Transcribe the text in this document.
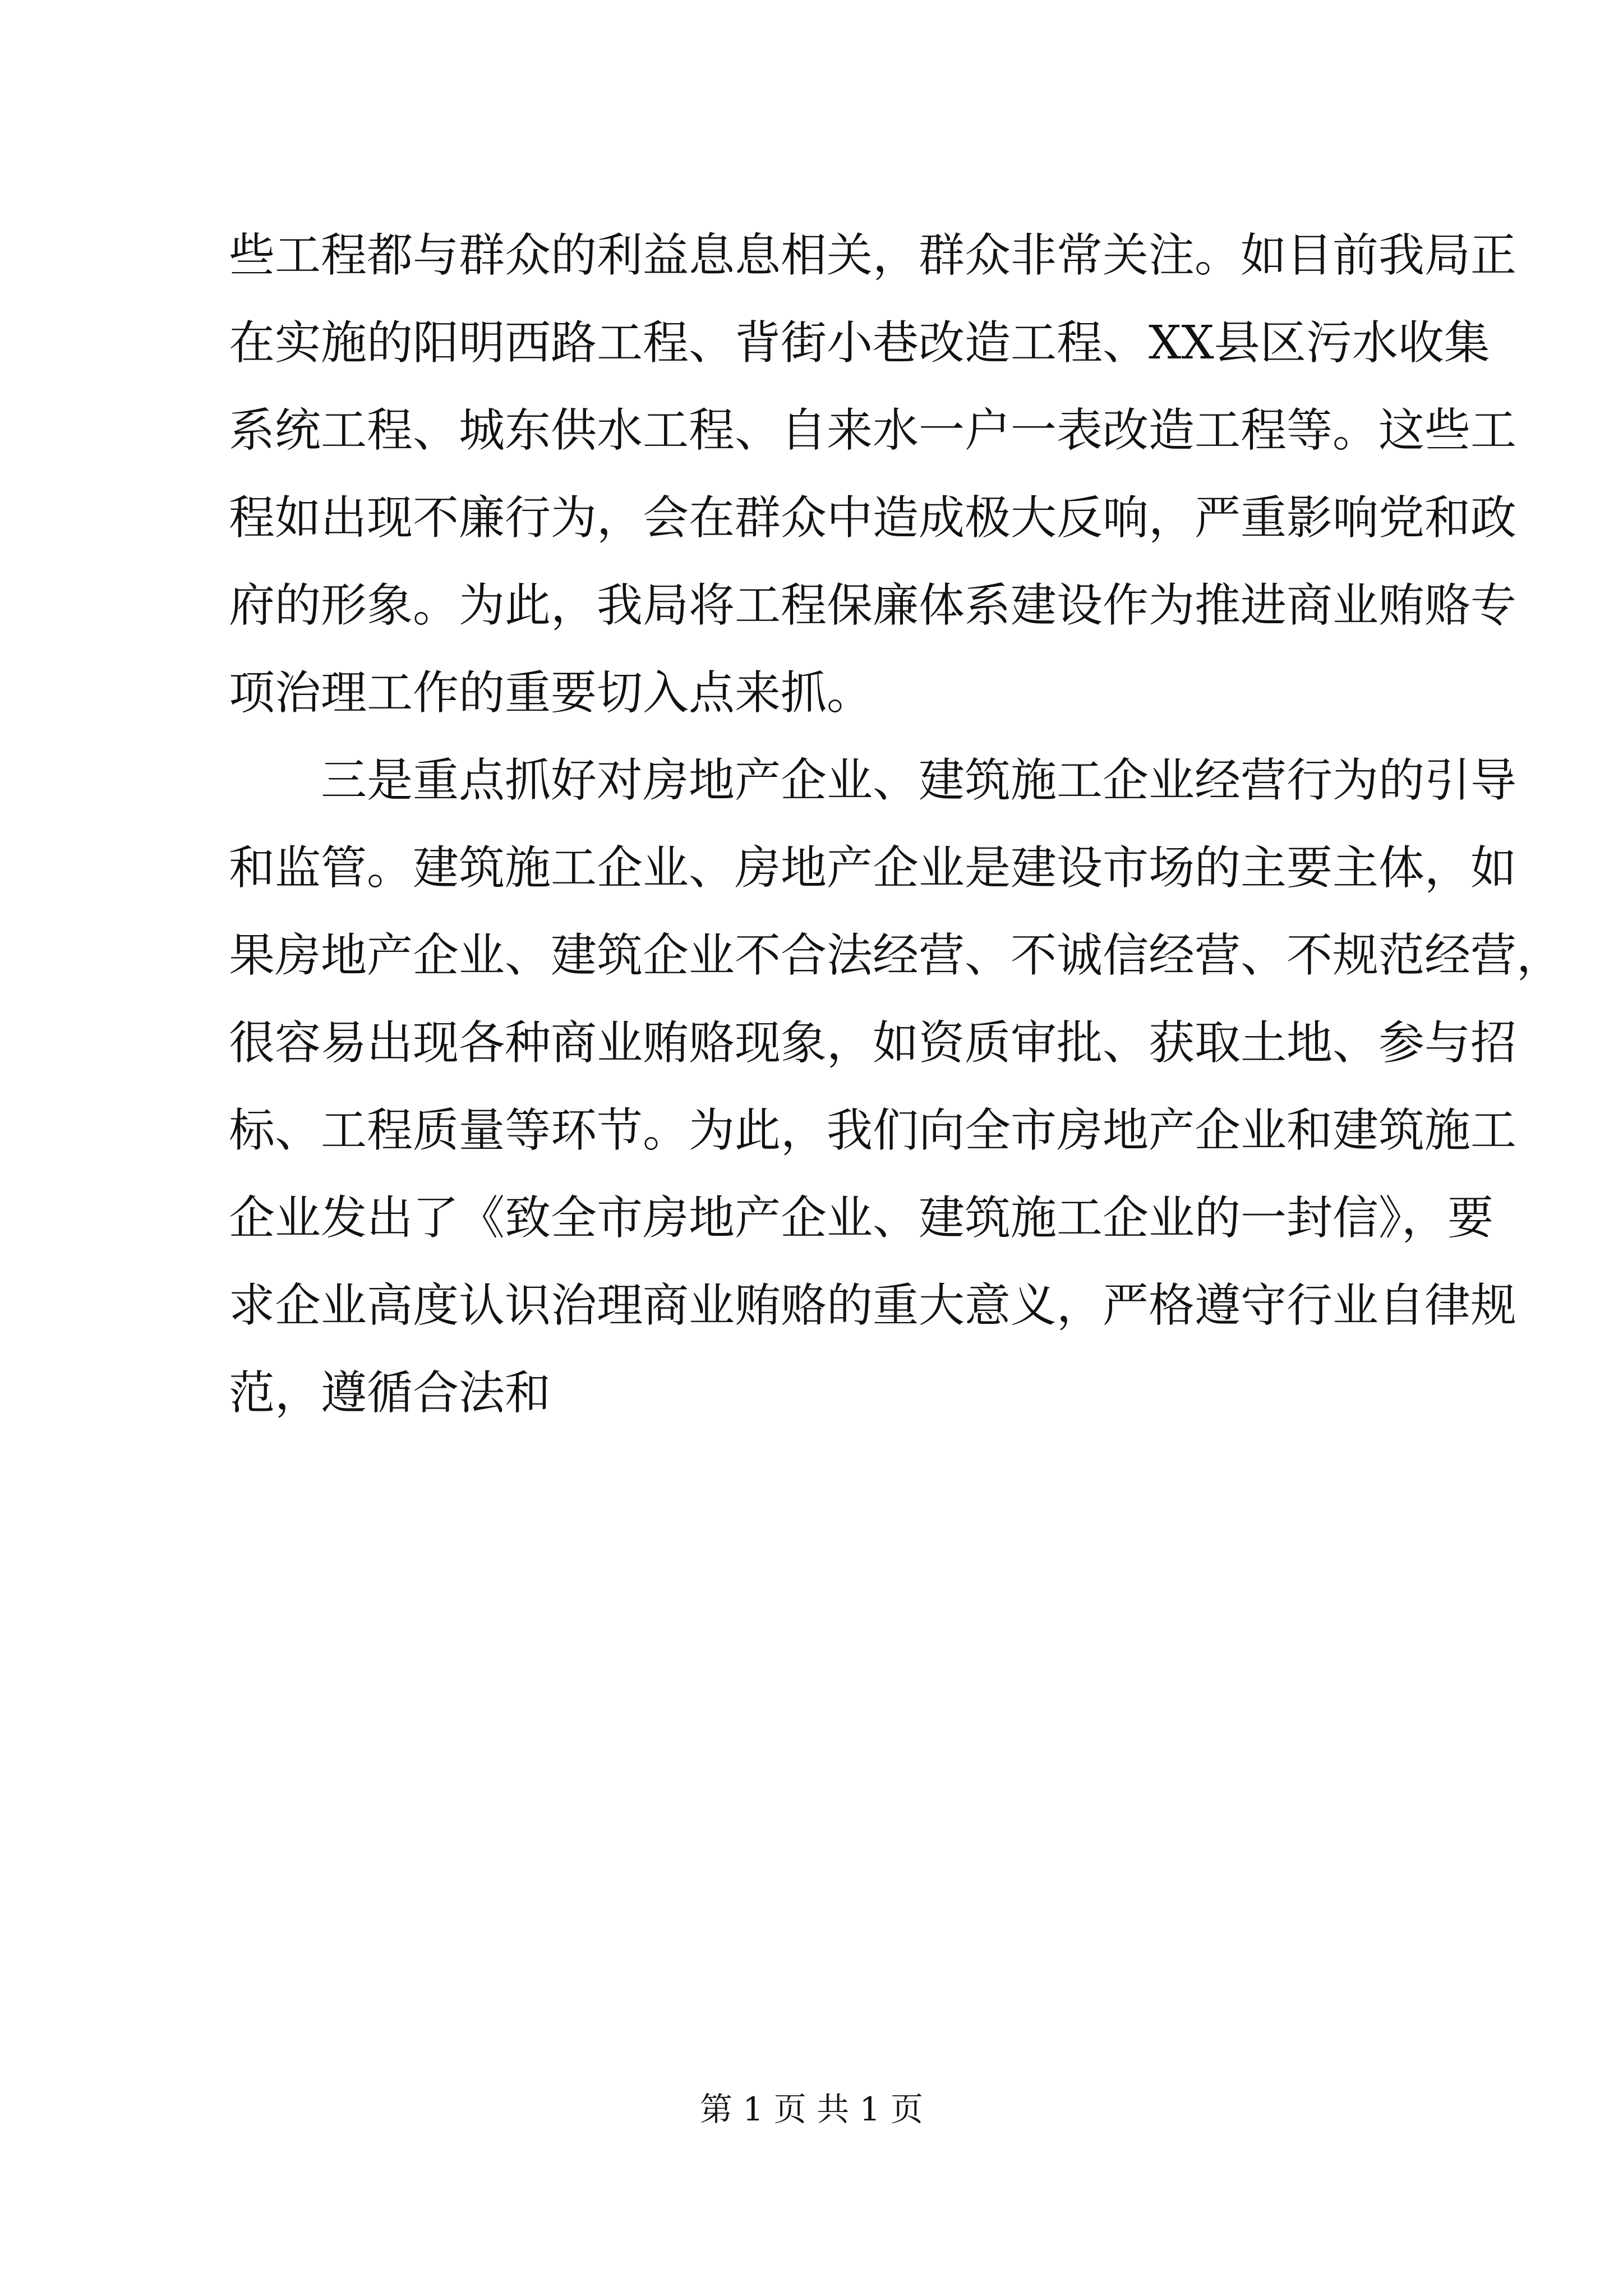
些工程都与群众的利益息息相关，群众非常关注。如目前我局正
在实施的阳明西路工程、背街小巷改造工程、XX县区污水收集
系统工程、城东供水工程、自来水一户一表改造工程等。这些工
程如出现不廉行为，会在群众中造成极大反响，严重影响党和政
府的形象。为此，我局将工程保廉体系建设作为推进商业贿赂专
项治理工作的重要切入点来抓。
　　三是重点抓好对房地产企业、建筑施工企业经营行为的引导
和监管。建筑施工企业、房地产企业是建设市场的主要主体，如
果房地产企业、建筑企业不合法经营、不诚信经营、不规范经营，
很容易出现各种商业贿赂现象，如资质审批、获取土地、参与招
标、工程质量等环节。为此，我们向全市房地产企业和建筑施工
企业发出了《致全市房地产企业、建筑施工企业的一封信》，要
求企业高度认识治理商业贿赂的重大意义，严格遵守行业自律规
范，遵循合法和
第 1 页 共 1 页
